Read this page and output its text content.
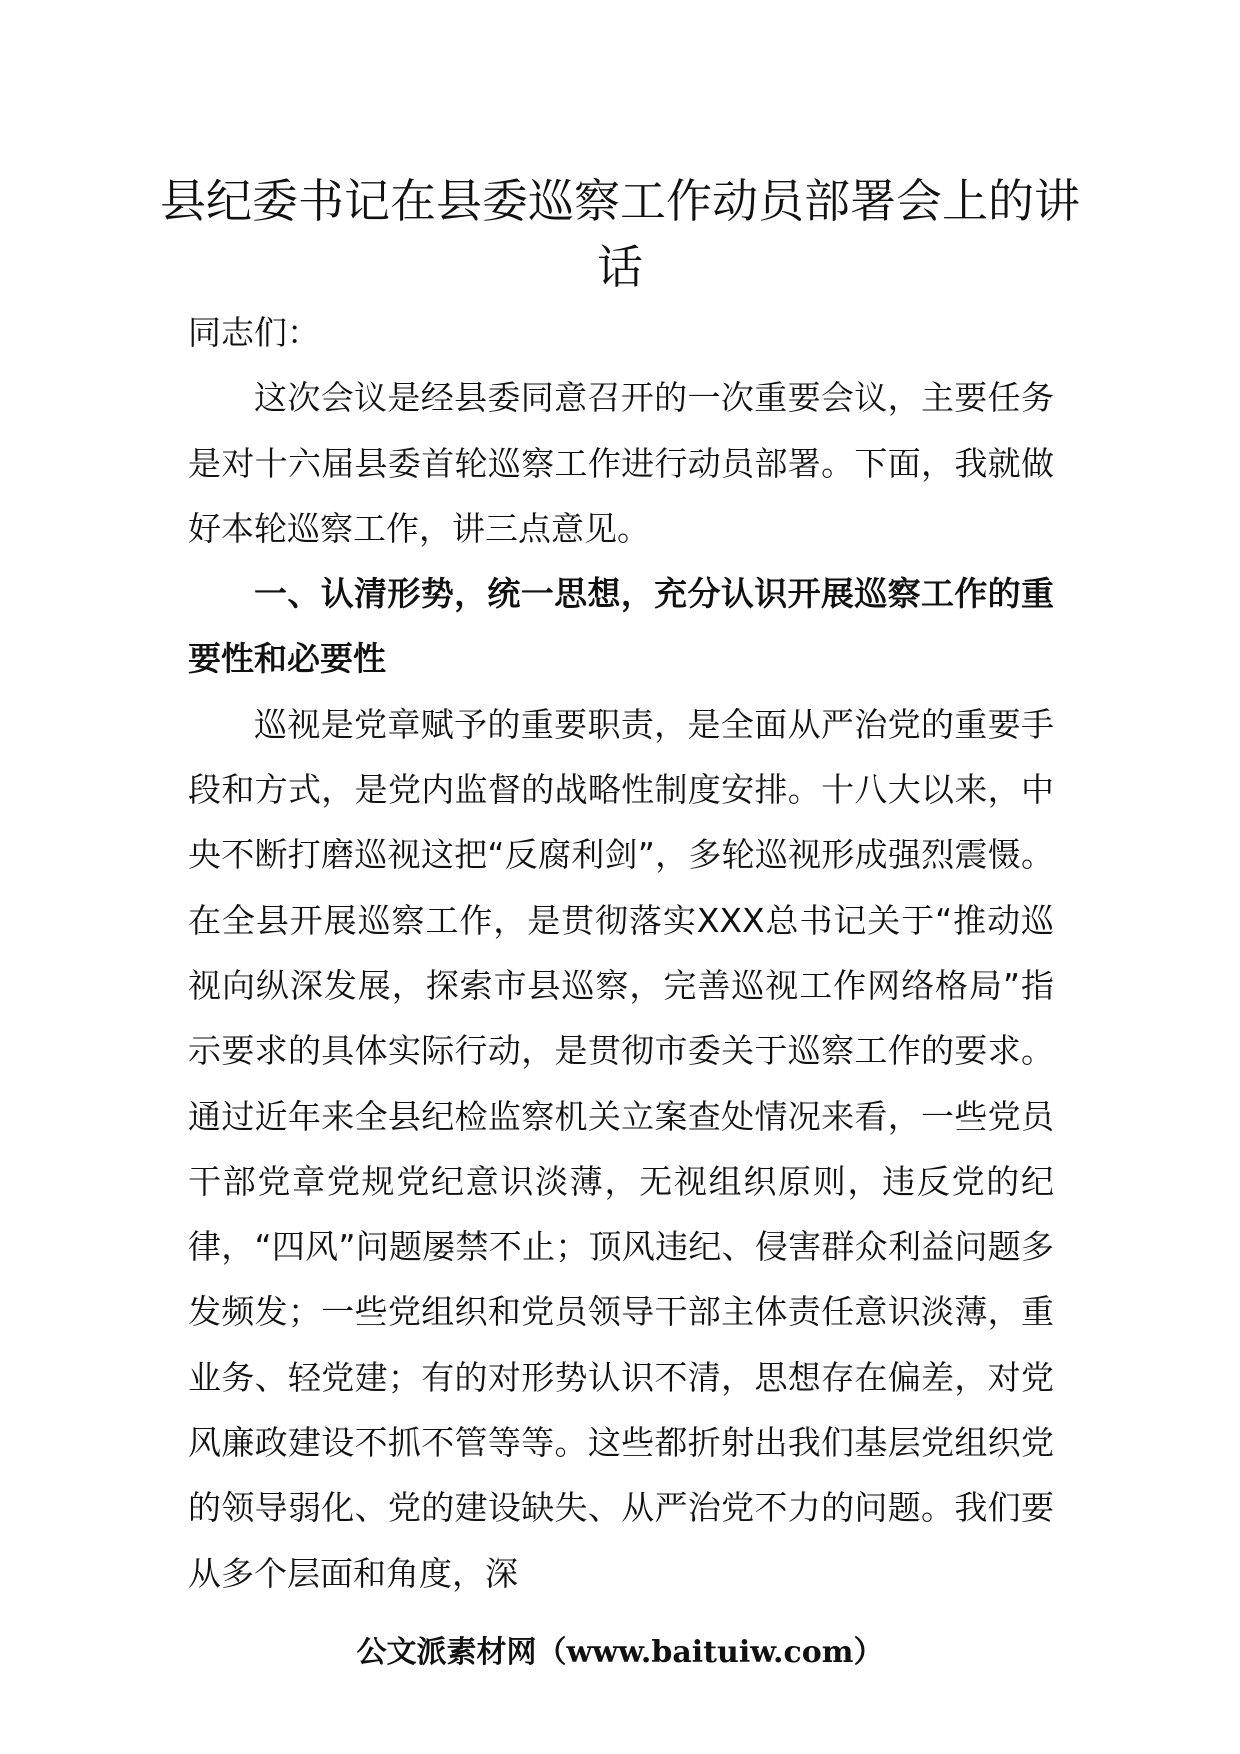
县纪委书记在县委巡察工作动员部署会上的讲话

同志们：

这次会议是经县委同意召开的一次重要会议，主要任务是对十六届县委首轮巡察工作进行动员部署。下面，我就做好本轮巡察工作，讲三点意见。

一、认清形势，统一思想，充分认识开展巡察工作的重要性和必要性

巡视是党章赋予的重要职责，是全面从严治党的重要手段和方式，是党内监督的战略性制度安排。十八大以来，中央不断打磨巡视这把“反腐利剑”，多轮巡视形成强烈震慑。在全县开展巡察工作，是贯彻落实XXX总书记关于“推动巡视向纵深发展，探索市县巡察，完善巡视工作网络格局”指示要求的具体实际行动，是贯彻市委关于巡察工作的要求。通过近年来全县纪检监察机关立案查处情况来看，一些党员干部党章党规党纪意识淡薄，无视组织原则，违反党的纪律，“四风”问题屡禁不止；顶风违纪、侵害群众利益问题多发频发；一些党组织和党员领导干部主体责任意识淡薄，重业务、轻党建；有的对形势认识不清，思想存在偏差，对党风廉政建设不抓不管等等。这些都折射出我们基层党组织党的领导弱化、党的建设缺失、从严治党不力的问题。我们要从多个层面和角度，深

公文派素材网（www.baituiw.com）
